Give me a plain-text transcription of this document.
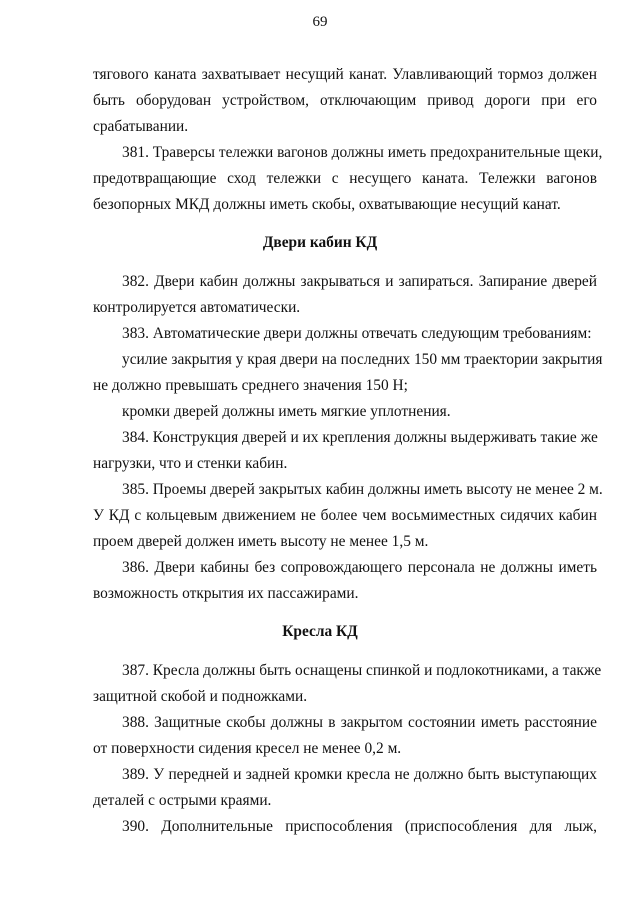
69
тягового каната захватывает несущий канат. Улавливающий тормоз должен
быть оборудован устройством, отключающим привод дороги при его
срабатывании.
381. Траверсы тележки вагонов должны иметь предохранительные щеки,
предотвращающие сход тележки с несущего каната. Тележки вагонов
безопорных МКД должны иметь скобы, охватывающие несущий канат.
Двери кабин КД
382. Двери кабин должны закрываться и запираться. Запирание дверей
контролируется автоматически.
383. Автоматические двери должны отвечать следующим требованиям:
усилие закрытия у края двери на последних 150 мм траектории закрытия
не должно превышать среднего значения 150 Н;
кромки дверей должны иметь мягкие уплотнения.
384. Конструкция дверей и их крепления должны выдерживать такие же
нагрузки, что и стенки кабин.
385. Проемы дверей закрытых кабин должны иметь высоту не менее 2 м.
У КД с кольцевым движением не более чем восьмиместных сидячих кабин
проем дверей должен иметь высоту не менее 1,5 м.
386. Двери кабины без сопровождающего персонала не должны иметь
возможность открытия их пассажирами.
Кресла КД
387. Кресла должны быть оснащены спинкой и подлокотниками, а также
защитной скобой и подножками.
388. Защитные скобы должны в закрытом состоянии иметь расстояние
от поверхности сидения кресел не менее 0,2 м.
389. У передней и задней кромки кресла не должно быть выступающих
деталей с острыми краями.
390. Дополнительные приспособления (приспособления для лыж,
